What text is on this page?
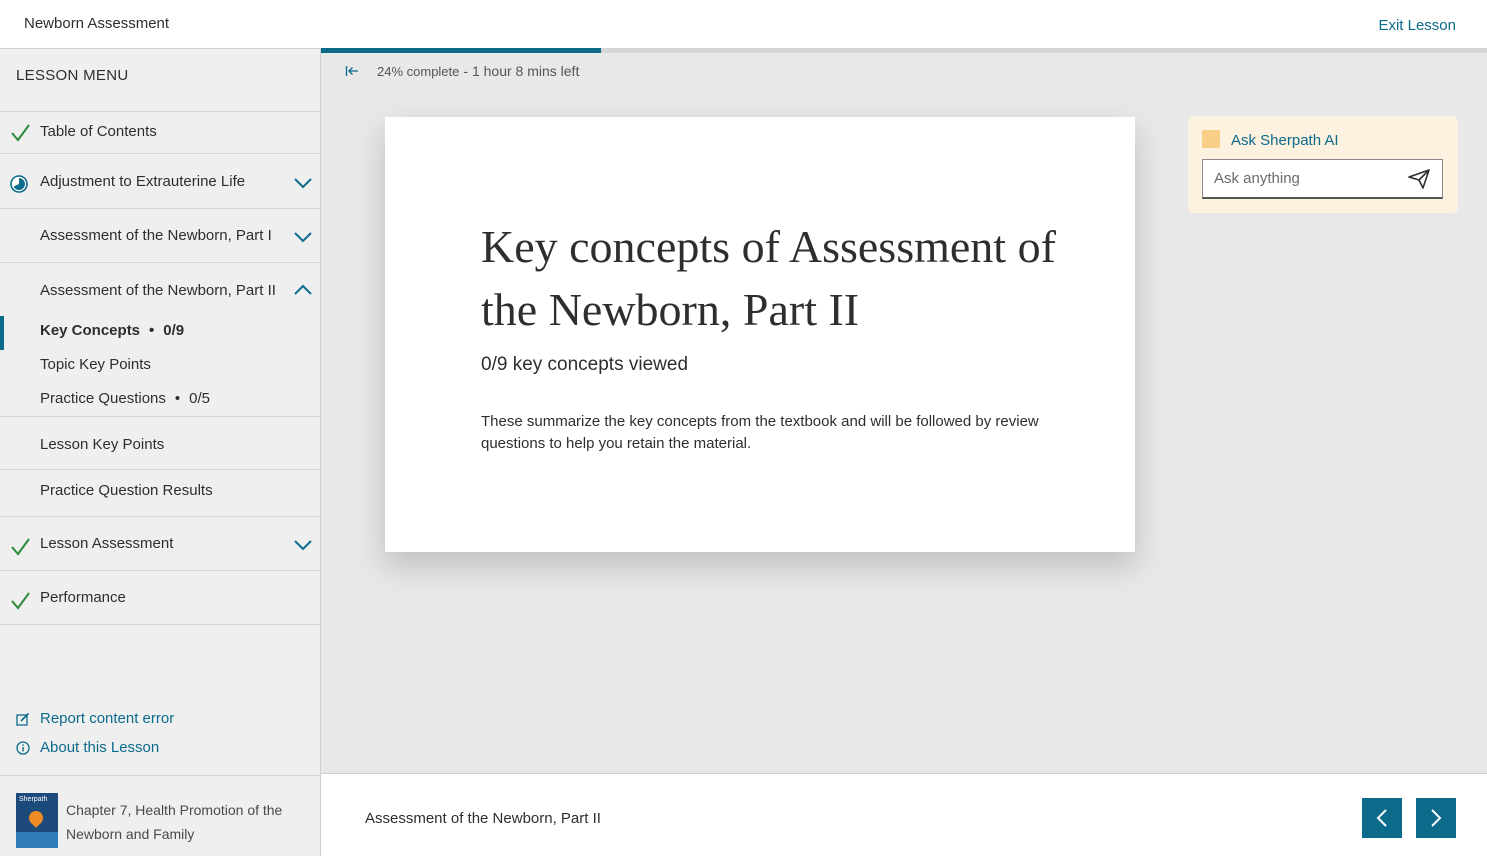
Newborn Assessment	Exit Lesson
LESSON MENU
Table of Contents
Adjustment to Extrauterine Life
Assessment of the Newborn, Part I
Assessment of the Newborn, Part II
Key Concepts • 0/9
Topic Key Points
Practice Questions • 0/5
Lesson Key Points
Practice Question Results
Lesson Assessment
Performance
Report content error
About this Lesson
Sherpath
Chapter 7, Health Promotion of the Newborn and Family
24% complete - 1 hour 8 mins left
Key concepts of Assessment of the Newborn, Part II
0/9 key concepts viewed
These summarize the key concepts from the textbook and will be followed by review questions to help you retain the material.
Ask Sherpath AI
Ask anything
Assessment of the Newborn, Part II
